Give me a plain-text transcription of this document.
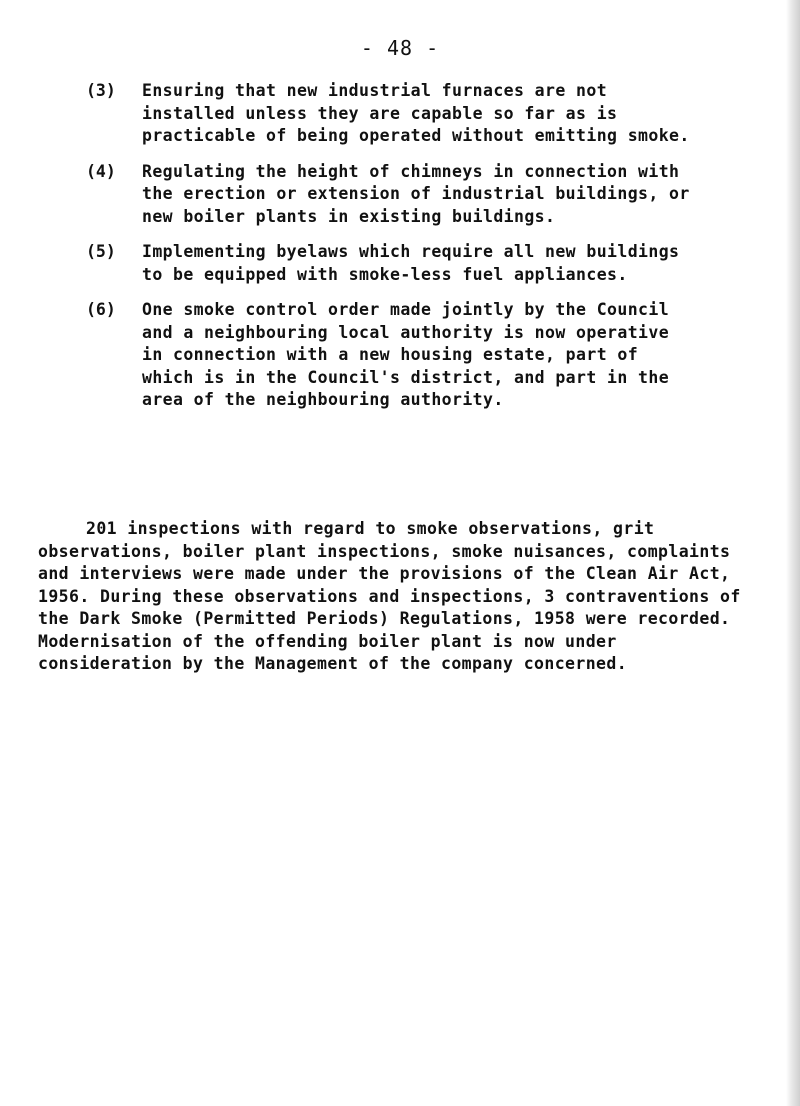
- 48 -
(3)	Ensuring that new industrial furnaces are not installed unless they are capable so far as is practicable of being operated without emitting smoke.
(4)	Regulating the height of chimneys in connection with the erection or extension of industrial buildings, or new boiler plants in existing buildings.
(5)	Implementing byelaws which require all new buildings to be equipped with smoke-less fuel appliances.
(6)	One smoke control order made jointly by the Council and a neighbouring local authority is now operative in connection with a new housing estate, part of which is in the Council's district, and part in the area of the neighbouring authority.
201 inspections with regard to smoke observations, grit observations, boiler plant inspections, smoke nuisances, complaints and interviews were made under the provisions of the Clean Air Act, 1956. During these observations and inspections, 3 contraventions of the Dark Smoke (Permitted Periods) Regulations, 1958 were recorded. Modernisation of the offending boiler plant is now under consideration by the Management of the company concerned.
